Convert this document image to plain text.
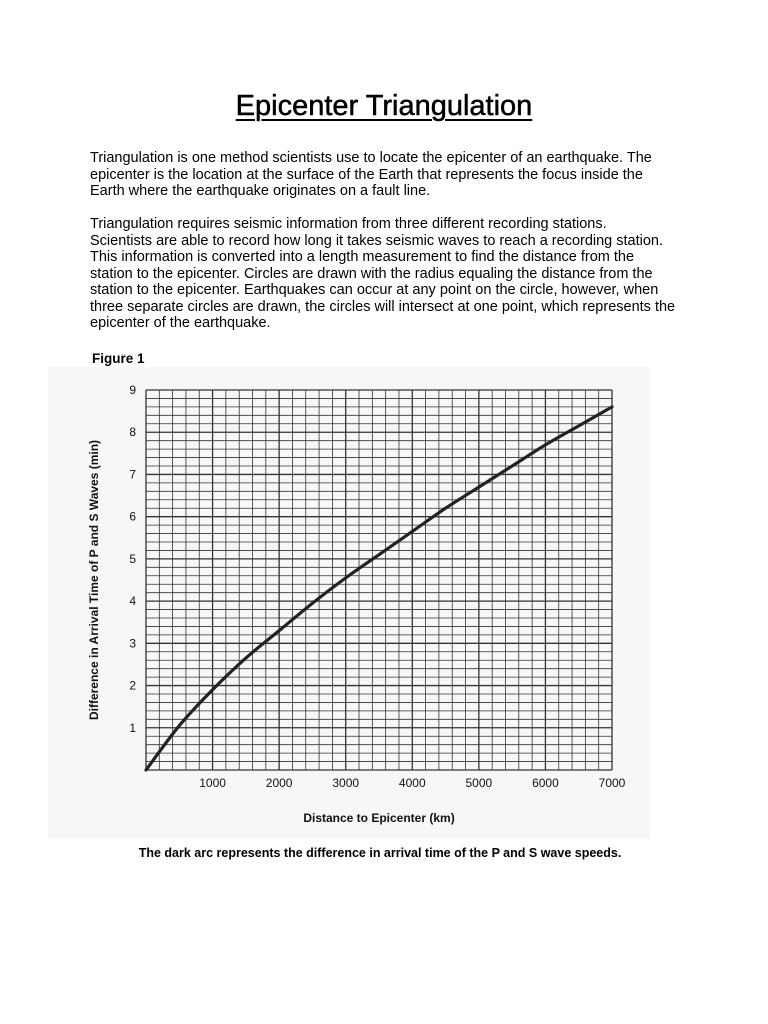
Epicenter Triangulation

Triangulation is one method scientists use to locate the epicenter of an earthquake. The epicenter is the location at the surface of the Earth that represents the focus inside the Earth where the earthquake originates on a fault line.

Triangulation requires seismic information from three different recording stations.
Scientists are able to record how long it takes seismic waves to reach a recording station. This information is converted into a length measurement to find the distance from the station to the epicenter. Circles are drawn with the radius equaling the distance from the station to the epicenter. Earthquakes can occur at any point on the circle, however, when three separate circles are drawn, the circles will intersect at one point, which represents the epicenter of the earthquake.

Figure 1

1000	2000	3000	4000	5000	6000	7000
1
2
3
4
5
6
7
8
9
Distance to Epicenter (km)
Difference in Arrival Time of P and S Waves (min)

The dark arc represents the difference in arrival time of the P and S wave speeds.
